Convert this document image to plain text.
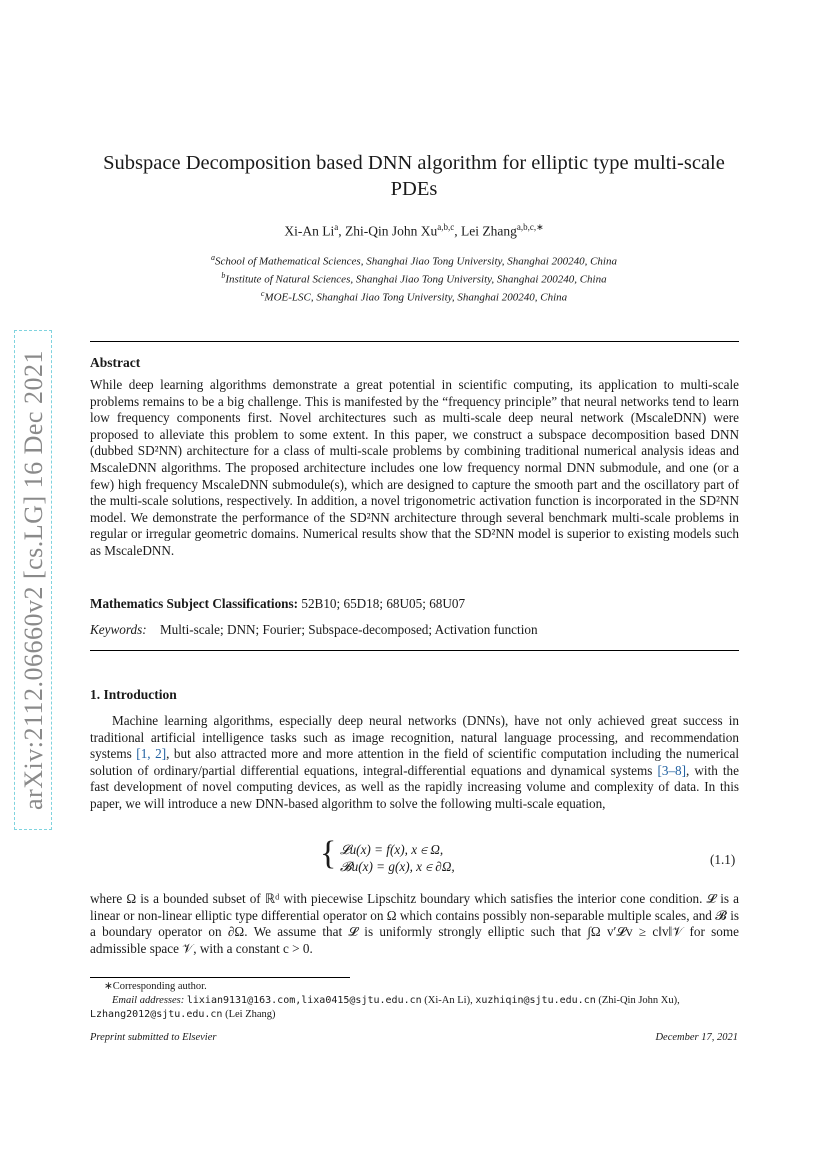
arXiv:2112.06660v2 [cs.LG] 16 Dec 2021
Subspace Decomposition based DNN algorithm for elliptic type multi-scale PDEs
Xi-An Li$^a$, Zhi-Qin John Xu$^{a,b,c}$, Lei Zhang$^{a,b,c,∗}$
$^a$School of Mathematical Sciences, Shanghai Jiao Tong University, Shanghai 200240, China
$^b$Institute of Natural Sciences, Shanghai Jiao Tong University, Shanghai 200240, China
$^c$MOE-LSC, Shanghai Jiao Tong University, Shanghai 200240, China
Abstract

While deep learning algorithms demonstrate a great potential in scientific computing, its application to multi-scale problems remains to be a big challenge. This is manifested by the “frequency principle” that neural networks tend to learn low frequency components first. Novel architectures such as multi-scale deep neural network (MscaleDNN) were proposed to alleviate this problem to some extent. In this paper, we construct a subspace decomposition based DNN (dubbed SD²NN) architecture for a class of multi-scale problems by combining traditional numerical analysis ideas and MscaleDNN algorithms. The proposed architecture includes one low frequency normal DNN submodule, and one (or a few) high frequency MscaleDNN submodule(s), which are designed to capture the smooth part and the oscillatory part of the multi-scale solutions, respectively. In addition, a novel trigonometric activation function is incorporated in the SD²NN model. We demonstrate the performance of the SD²NN architecture through several benchmark multi-scale problems in regular or irregular geometric domains. Numerical results show that the SD²NN model is superior to existing models such as MscaleDNN.

Mathematics Subject Classifications: 52B10; 65D18; 68U05; 68U07
Keywords: Multi-scale; DNN; Fourier; Subspace-decomposed; Activation function
1. Introduction

Machine learning algorithms, especially deep neural networks (DNNs), have not only achieved great success in traditional artificial intelligence tasks such as image recognition, natural language processing, and recommendation systems [1, 2], but also attracted more and more attention in the field of scientific computation including the numerical solution of ordinary/partial differential equations, integral-differential equations and dynamical systems [3–8], with the fast development of novel computing devices, as well as the rapidly increasing volume and complexity of data. In this paper, we will introduce a new DNN-based algorithm to solve the following multi-scale equation,

{ 𝓛u(x) = f(x), x ∈ Ω,
𝓑u(x) = g(x), x ∈ ∂Ω,	(1.1)

where Ω is a bounded subset of ℝᵈ with piecewise Lipschitz boundary which satisfies the interior cone condition. 𝓛 is a linear or non-linear elliptic type differential operator on Ω which contains possibly non-separable multiple scales, and 𝓑 is a boundary operator on ∂Ω. We assume that 𝓛 is uniformly strongly elliptic such that ∫Ω v′𝓛v ≥ c‖v‖𝒱 for some admissible space 𝒱, with a constant c > 0.

∗Corresponding author.
Email addresses: lixian9131@163.com,lixa0415@sjtu.edu.cn (Xi-An Li), xuzhiqin@sjtu.edu.cn (Zhi-Qin John Xu), Lzhang2012@sjtu.edu.cn (Lei Zhang)
Preprint submitted to Elsevier	December 17, 2021
